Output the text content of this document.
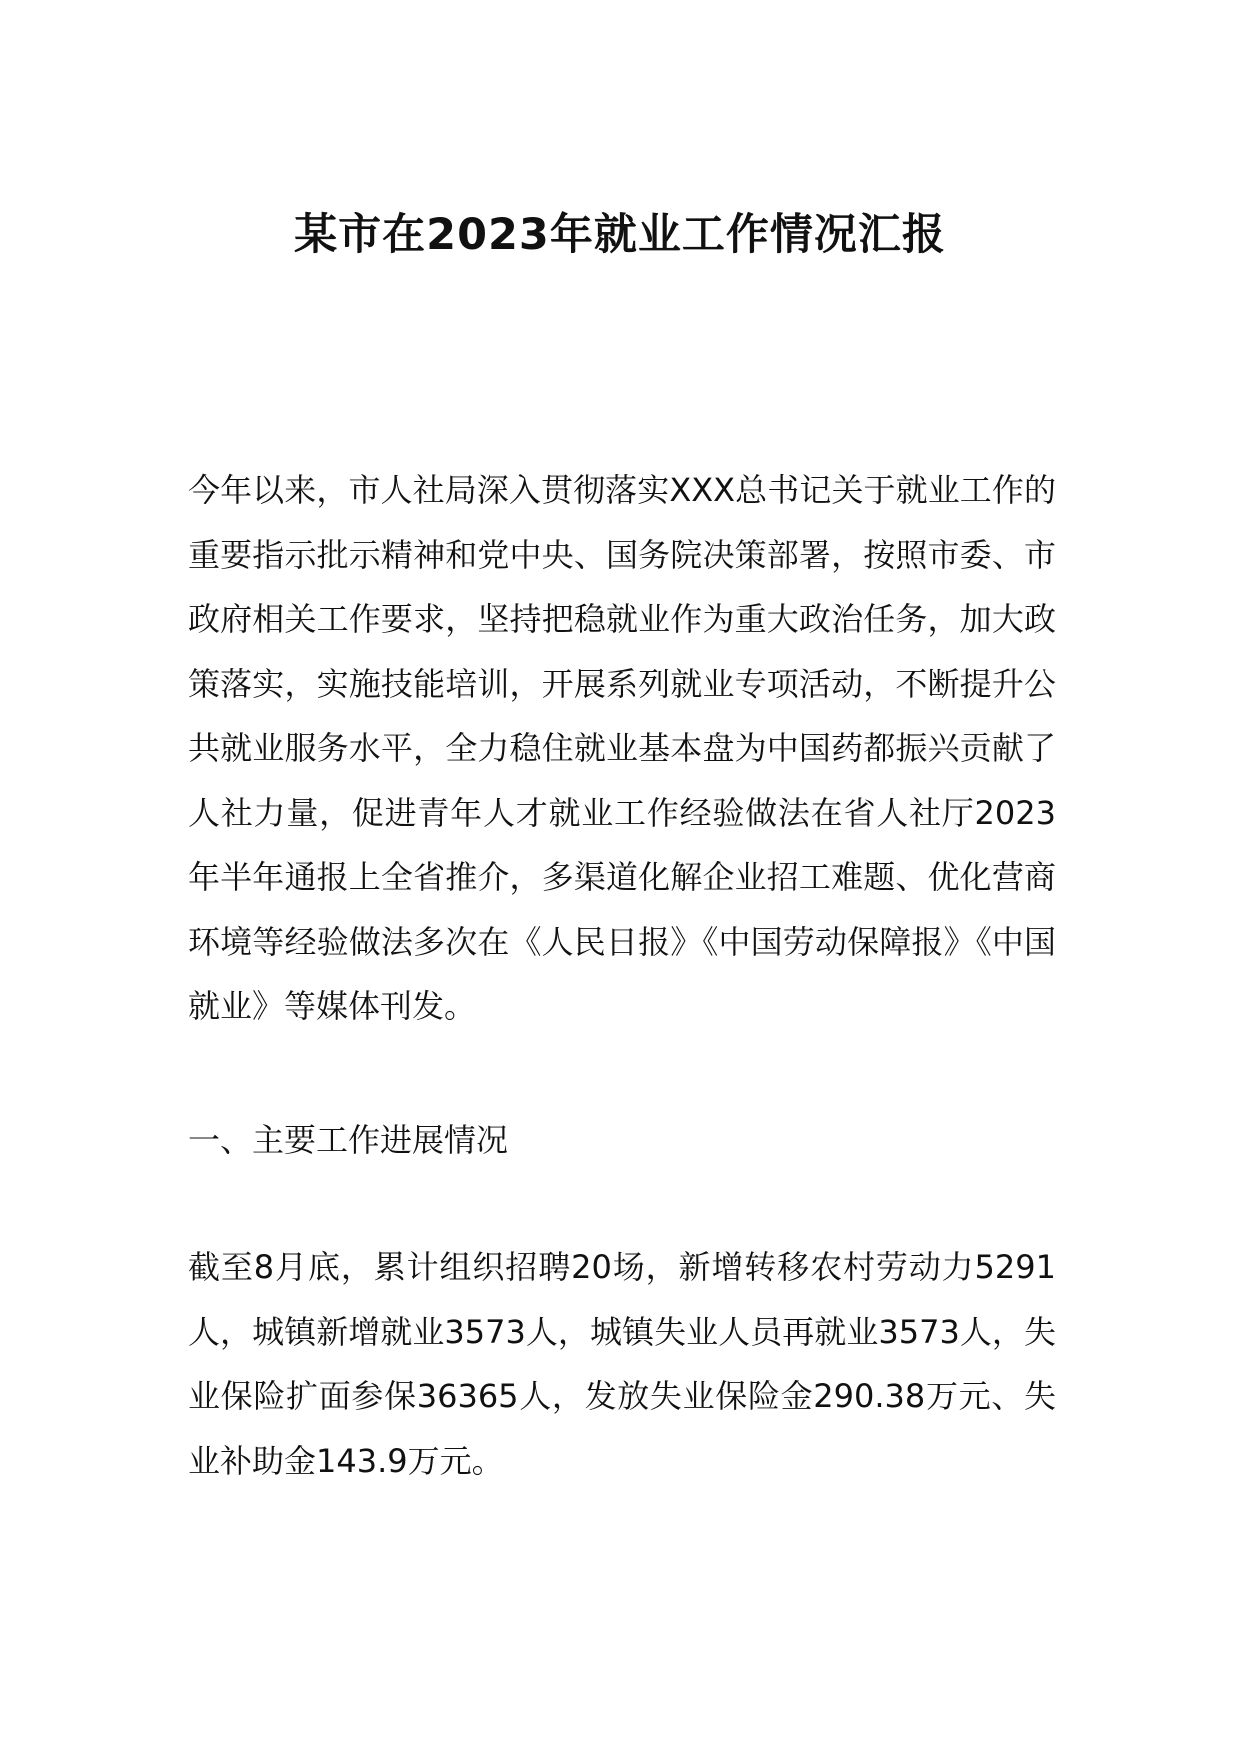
某市在2023年就业工作情况汇报

今年以来，市人社局深入贯彻落实XXX总书记关于就业工作的重要指示批示精神和党中央、国务院决策部署，按照市委、市政府相关工作要求，坚持把稳就业作为重大政治任务，加大政策落实，实施技能培训，开展系列就业专项活动，不断提升公共就业服务水平，全力稳住就业基本盘为中国药都振兴贡献了人社力量，促进青年人才就业工作经验做法在省人社厅2023年半年通报上全省推介，多渠道化解企业招工难题、优化营商环境等经验做法多次在《人民日报》《中国劳动保障报》《中国就业》等媒体刊发。

一、主要工作进展情况

截至8月底，累计组织招聘20场，新增转移农村劳动力5291人，城镇新增就业3573人，城镇失业人员再就业3573人，失业保险扩面参保36365人，发放失业保险金290.38万元、失业补助金143.9万元。
